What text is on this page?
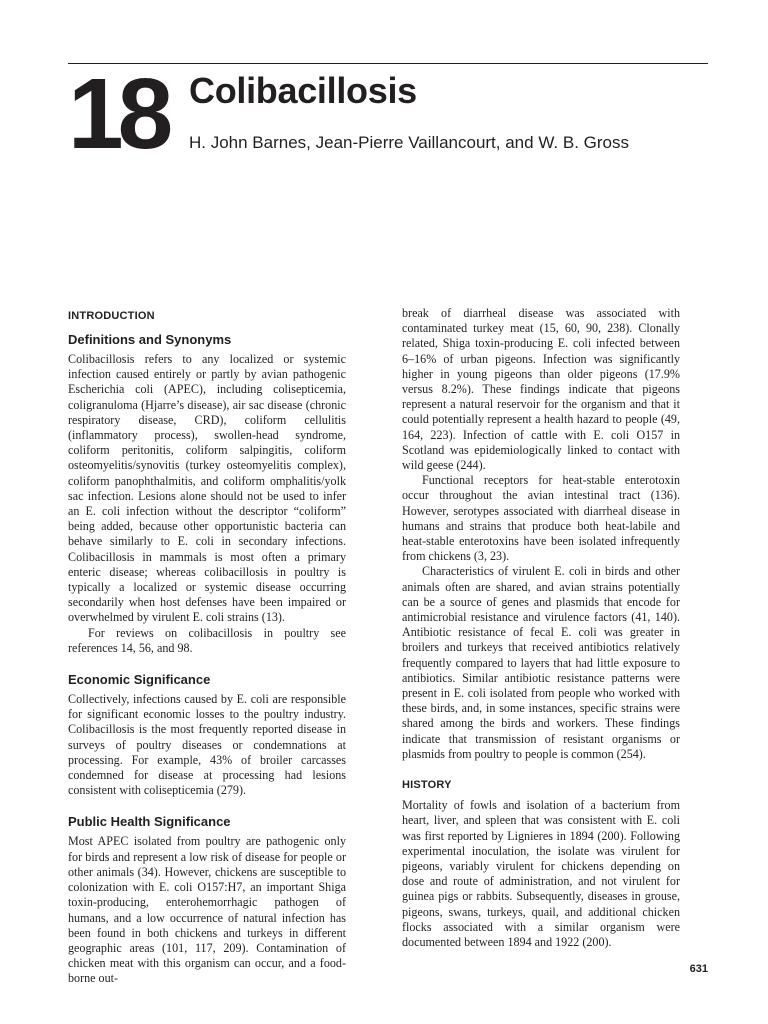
18 Colibacillosis

H. John Barnes, Jean-Pierre Vaillancourt, and W. B. Gross

INTRODUCTION
Definitions and Synonyms

Colibacillosis refers to any localized or systemic infection caused entirely or partly by avian pathogenic Escherichia coli (APEC), including colisepticemia, coligranuloma (Hjarre’s disease), air sac disease (chronic respiratory disease, CRD), coliform cellulitis (inflammatory process), swollen-head syndrome, coliform peritonitis, coliform salpingitis, coliform osteomyelitis/synovitis (turkey osteomyelitis complex), coliform panophthalmitis, and coliform omphalitis/yolk sac infection. Lesions alone should not be used to infer an E. coli infection without the descriptor “coliform” being added, because other opportunistic bacteria can behave similarly to E. coli in secondary infections. Colibacillosis in mammals is most often a primary enteric disease; whereas colibacillosis in poultry is typically a localized or systemic disease occurring secondarily when host defenses have been impaired or overwhelmed by virulent E. coli strains (13).

For reviews on colibacillosis in poultry see references 14, 56, and 98.

Economic Significance

Collectively, infections caused by E. coli are responsible for significant economic losses to the poultry industry. Colibacillosis is the most frequently reported disease in surveys of poultry diseases or condemnations at processing. For example, 43% of broiler carcasses condemned for disease at processing had lesions consistent with colisepticemia (279).

Public Health Significance

Most APEC isolated from poultry are pathogenic only for birds and represent a low risk of disease for people or other animals (34). However, chickens are susceptible to colonization with E. coli O157:H7, an important Shiga toxin-producing, enterohemorrhagic pathogen of humans, and a low occurrence of natural infection has been found in both chickens and turkeys in different geographic areas (101, 117, 209). Contamination of chicken meat with this organism can occur, and a food-borne out-

break of diarrheal disease was associated with contaminated turkey meat (15, 60, 90, 238). Clonally related, Shiga toxin-producing E. coli infected between 6–16% of urban pigeons. Infection was significantly higher in young pigeons than older pigeons (17.9% versus 8.2%). These findings indicate that pigeons represent a natural reservoir for the organism and that it could potentially represent a health hazard to people (49, 164, 223). Infection of cattle with E. coli O157 in Scotland was epidemiologically linked to contact with wild geese (244).

Functional receptors for heat-stable enterotoxin occur throughout the avian intestinal tract (136). However, serotypes associated with diarrheal disease in humans and strains that produce both heat-labile and heat-stable enterotoxins have been isolated infrequently from chickens (3, 23).

Characteristics of virulent E. coli in birds and other animals often are shared, and avian strains potentially can be a source of genes and plasmids that encode for antimicrobial resistance and virulence factors (41, 140). Antibiotic resistance of fecal E. coli was greater in broilers and turkeys that received antibiotics relatively frequently compared to layers that had little exposure to antibiotics. Similar antibiotic resistance patterns were present in E. coli isolated from people who worked with these birds, and, in some instances, specific strains were shared among the birds and workers. These findings indicate that transmission of resistant organisms or plasmids from poultry to people is common (254).

HISTORY

Mortality of fowls and isolation of a bacterium from heart, liver, and spleen that was consistent with E. coli was first reported by Lignieres in 1894 (200). Following experimental inoculation, the isolate was virulent for pigeons, variably virulent for chickens depending on dose and route of administration, and not virulent for guinea pigs or rabbits. Subsequently, diseases in grouse, pigeons, swans, turkeys, quail, and additional chicken flocks associated with a similar organism were documented between 1894 and 1922 (200).

631
